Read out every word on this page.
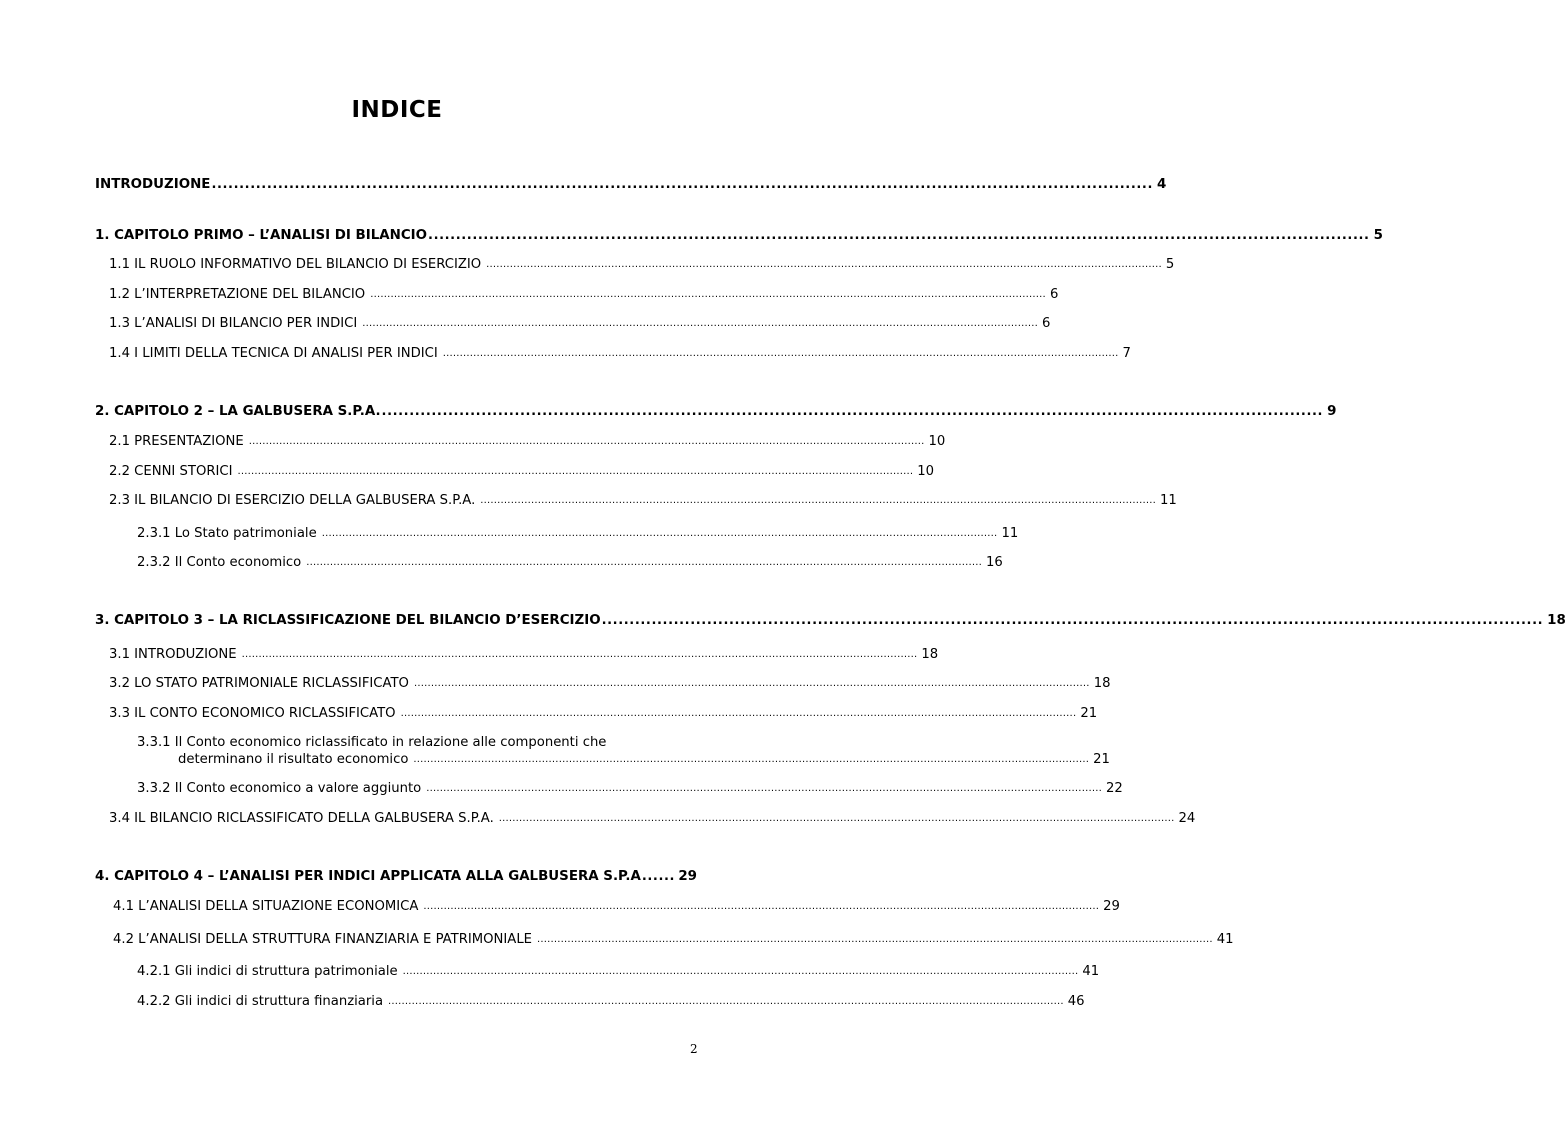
INDICE
INTRODUZIONE .......................................................................................................................................................................... 4
1. CAPITOLO PRIMO – L’ANALISI DI BILANCIO .......................................................................................................................................................................... 5
1.1 IL RUOLO INFORMATIVO DEL BILANCIO DI ESERCIZIO ........................................................................................................................................................................................................ 5
1.2 L’INTERPRETAZIONE DEL BILANCIO ........................................................................................................................................................................................................ 6
1.3 L’ANALISI DI BILANCIO PER INDICI ........................................................................................................................................................................................................ 6
1.4 I LIMITI DELLA TECNICA DI ANALISI PER INDICI ........................................................................................................................................................................................................ 7
2. CAPITOLO 2 – LA GALBUSERA S.P.A. .......................................................................................................................................................................... 9
2.1 PRESENTAZIONE ........................................................................................................................................................................................................ 10
2.2 CENNI STORICI ........................................................................................................................................................................................................ 10
2.3 IL BILANCIO DI ESERCIZIO DELLA GALBUSERA S.P.A. ........................................................................................................................................................................................................ 11
2.3.1 Lo Stato patrimoniale ........................................................................................................................................................................................................ 11
2.3.2 Il Conto economico ........................................................................................................................................................................................................ 16
3. CAPITOLO 3 – LA RICLASSIFICAZIONE DEL BILANCIO D’ESERCIZIO .......................................................................................................................................................................... 18
3.1 INTRODUZIONE ........................................................................................................................................................................................................ 18
3.2 LO STATO PATRIMONIALE RICLASSIFICATO ........................................................................................................................................................................................................ 18
3.3 IL CONTO ECONOMICO RICLASSIFICATO ........................................................................................................................................................................................................ 21
3.3.1 Il Conto economico riclassificato in relazione alle componenti che
determinano il risultato economico ........................................................................................................................................................................................................ 21
3.3.2 Il Conto economico a valore aggiunto ........................................................................................................................................................................................................ 22
3.4 IL BILANCIO RICLASSIFICATO DELLA GALBUSERA S.P.A. ........................................................................................................................................................................................................ 24
4. CAPITOLO 4 – L’ANALISI PER INDICI APPLICATA ALLA GALBUSERA S.P.A ...... 29
4.1 L’ANALISI DELLA SITUAZIONE ECONOMICA ........................................................................................................................................................................................................ 29
4.2 L’ANALISI DELLA STRUTTURA FINANZIARIA E PATRIMONIALE ........................................................................................................................................................................................................ 41
4.2.1 Gli indici di struttura patrimoniale ........................................................................................................................................................................................................ 41
4.2.2 Gli indici di struttura finanziaria ........................................................................................................................................................................................................ 46
2
